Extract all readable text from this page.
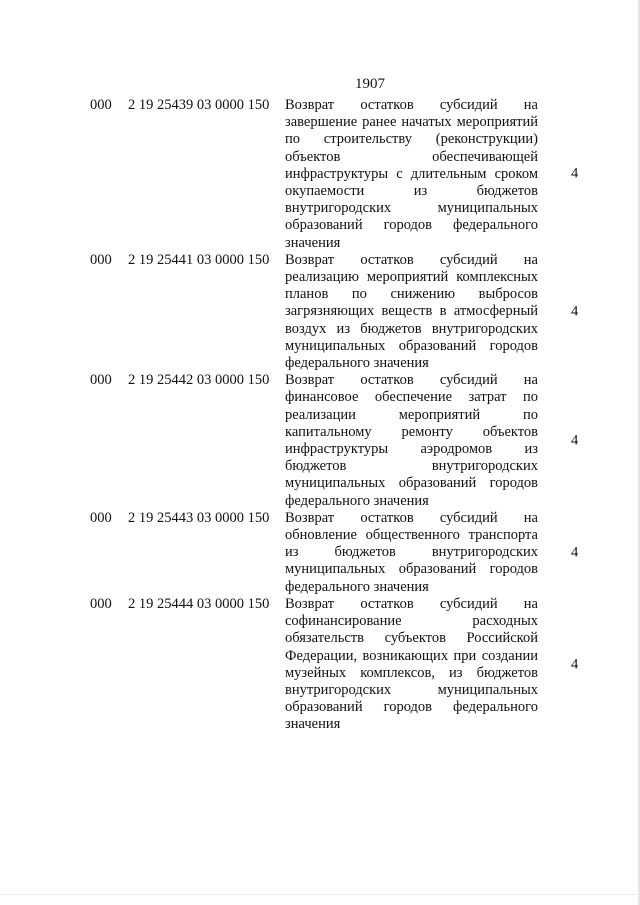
1907
000 2 19 25439 03 0000 150 Возврат остатков субсидий на завершение ранее начатых мероприятий по строительству (реконструкции) объектов обеспечивающей инфраструктуры с длительным сроком окупаемости из бюджетов внутригородских муниципальных образований городов федерального значения
4
000 2 19 25441 03 0000 150 Возврат остатков субсидий на реализацию мероприятий комплексных планов по снижению выбросов загрязняющих веществ в атмосферный воздух из бюджетов внутригородских муниципальных образований городов федерального значения
4
000 2 19 25442 03 0000 150 Возврат остатков субсидий на финансовое обеспечение затрат по реализации мероприятий по капитальному ремонту объектов инфраструктуры аэродромов из бюджетов внутригородских муниципальных образований городов федерального значения
4
000 2 19 25443 03 0000 150 Возврат остатков субсидий на обновление общественного транспорта из бюджетов внутригородских муниципальных образований городов федерального значения
4
000 2 19 25444 03 0000 150 Возврат остатков субсидий на софинансирование расходных обязательств субъектов Российской Федерации, возникающих при создании музейных комплексов, из бюджетов внутригородских муниципальных образований городов федерального значения
4
